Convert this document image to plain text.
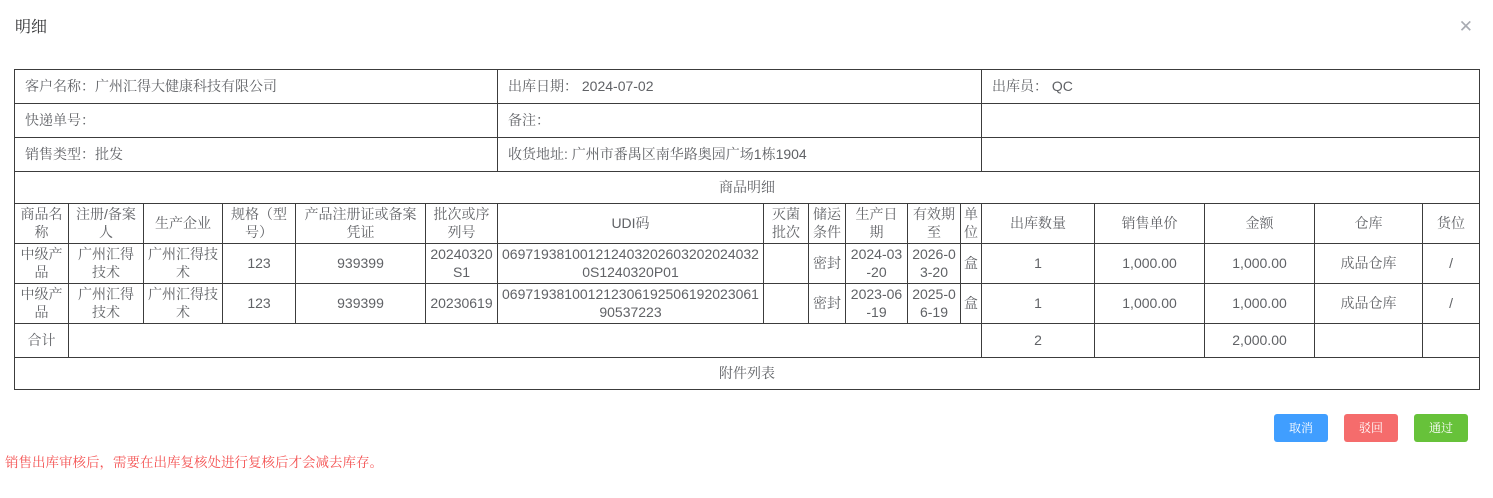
明细	✕
客户名称：广州汇得大健康科技有限公司						出库日期： 2024-07-02						出库员： QC				
快递单号：						备注：										
销售类型：批发						收货地址: 广州市番禺区南华路奥园广场1栋1904										
商品明细																
商品名称	注册/备案人	生产企业	规格（型号）	产品注册证或备案凭证	批次或序列号	UDI码	灭菌批次	储运条件	生产日期	有效期至	单位	出库数量	销售单价	金额	仓库	货位
中级产品	广州汇得技术	广州汇得技术	123	939399	20240320S1	0697193810012124032026032020240320S1240320P01		密封	2024-03-20	2026-03-20	盒	1	1,000.00	1,000.00	成品仓库	/
中级产品	广州汇得技术	广州汇得技术	123	939399	20230619	06971938100121230619250619202306190537223		密封	2023-06-19	2025-06-19	盒	1	1,000.00	1,000.00	成品仓库	/
合计												2		2,000.00		
附件列表																
取消	驳回	通过
销售出库审核后，需要在出库复核处进行复核后才会减去库存。
